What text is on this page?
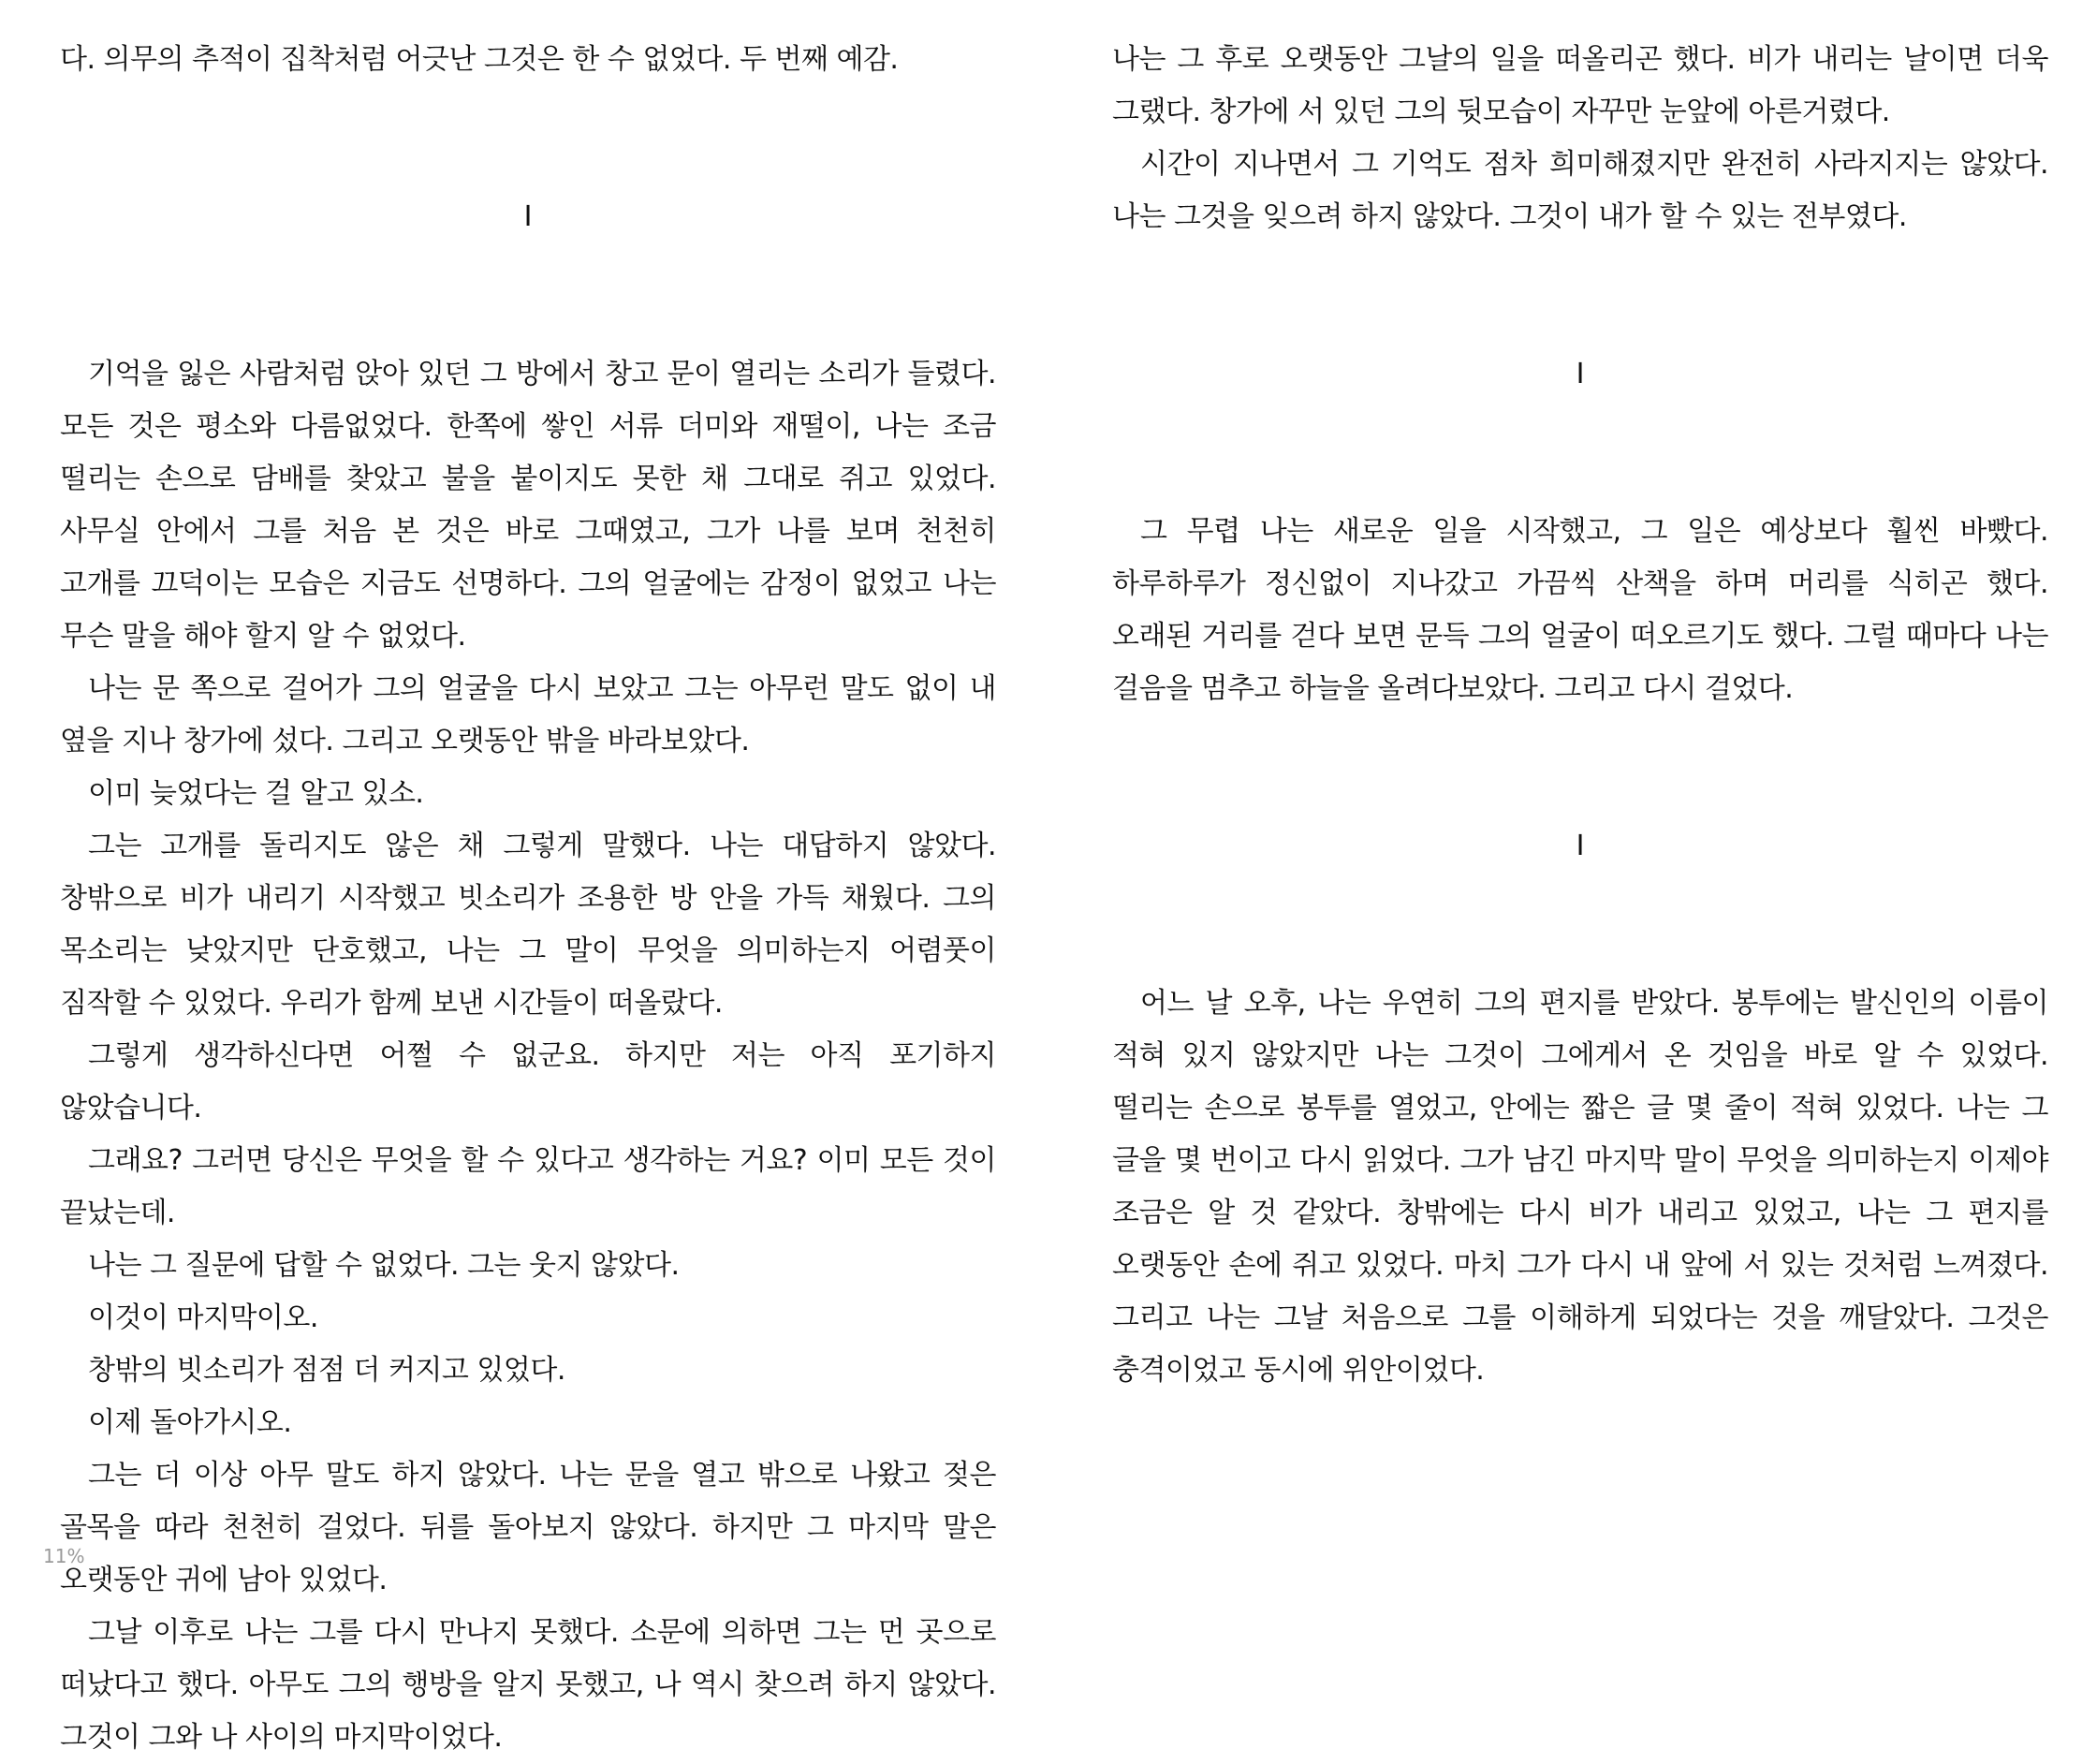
다. 의무의 추적이 집착처럼 어긋난 그것은 한 수 없었다. 두 번째 예감.

I

기억을 잃은 사람처럼 앉아 있던 그 방에서 창고 문이 열리는 소리가 들렸다. 모든 것은 평소와 다름없었다. 한쪽에 쌓인 서류 더미와 재떨이, 나는 조금 떨리는 손으로 담배를 찾았고 불을 붙이지도 못한 채 그대로 쥐고 있었다. 사무실 안에서 그를 처음 본 것은 바로 그때였고, 그가 나를 보며 천천히 고개를 끄덕이는 모습은 지금도 선명하다. 그의 얼굴에는 감정이 없었고 나는 무슨 말을 해야 할지 알 수 없었다.

나는 문 쪽으로 걸어가 그의 얼굴을 다시 보았고 그는 아무런 말도 없이 내 옆을 지나 창가에 섰다. 그리고 오랫동안 밖을 바라보았다.

이미 늦었다는 걸 알고 있소.

그는 고개를 돌리지도 않은 채 그렇게 말했다. 나는 대답하지 않았다. 창밖으로 비가 내리기 시작했고 빗소리가 조용한 방 안을 가득 채웠다. 그의 목소리는 낮았지만 단호했고, 나는 그 말이 무엇을 의미하는지 어렴풋이 짐작할 수 있었다. 우리가 함께 보낸 시간들이 떠올랐다.

그렇게 생각하신다면 어쩔 수 없군요. 하지만 저는 아직 포기하지 않았습니다.

그래요? 그러면 당신은 무엇을 할 수 있다고 생각하는 거요? 이미 모든 것이 끝났는데.

나는 그 질문에 답할 수 없었다. 그는 웃지 않았다.

이것이 마지막이오.

창밖의 빗소리가 점점 더 커지고 있었다.

이제 돌아가시오.

그는 더 이상 아무 말도 하지 않았다. 나는 문을 열고 밖으로 나왔고 젖은 골목을 따라 천천히 걸었다. 뒤를 돌아보지 않았다. 하지만 그 마지막 말은 오랫동안 귀에 남아 있었다.

그날 이후로 나는 그를 다시 만나지 못했다. 소문에 의하면 그는 먼 곳으로 떠났다고 했다. 아무도 그의 행방을 알지 못했고, 나 역시 찾으려 하지 않았다. 그것이 그와 나 사이의 마지막이었다.

나는 그 후로 오랫동안 그날의 일을 떠올리곤 했다. 비가 내리는 날이면 더욱 그랬다. 창가에 서 있던 그의 뒷모습이 자꾸만 눈앞에 아른거렸다.

시간이 지나면서 그 기억도 점차 희미해졌지만 완전히 사라지지는 않았다. 나는 그것을 잊으려 하지 않았다. 그것이 내가 할 수 있는 전부였다.

I

그 무렵 나는 새로운 일을 시작했고, 그 일은 예상보다 훨씬 바빴다. 하루하루가 정신없이 지나갔고 가끔씩 산책을 하며 머리를 식히곤 했다. 오래된 거리를 걷다 보면 문득 그의 얼굴이 떠오르기도 했다. 그럴 때마다 나는 걸음을 멈추고 하늘을 올려다보았다. 그리고 다시 걸었다.

I

어느 날 오후, 나는 우연히 그의 편지를 받았다. 봉투에는 발신인의 이름이 적혀 있지 않았지만 나는 그것이 그에게서 온 것임을 바로 알 수 있었다. 떨리는 손으로 봉투를 열었고, 안에는 짧은 글 몇 줄이 적혀 있었다. 나는 그 글을 몇 번이고 다시 읽었다. 그가 남긴 마지막 말이 무엇을 의미하는지 이제야 조금은 알 것 같았다. 창밖에는 다시 비가 내리고 있었고, 나는 그 편지를 오랫동안 손에 쥐고 있었다. 마치 그가 다시 내 앞에 서 있는 것처럼 느껴졌다. 그리고 나는 그날 처음으로 그를 이해하게 되었다는 것을 깨달았다. 그것은 충격이었고 동시에 위안이었다.

11%
